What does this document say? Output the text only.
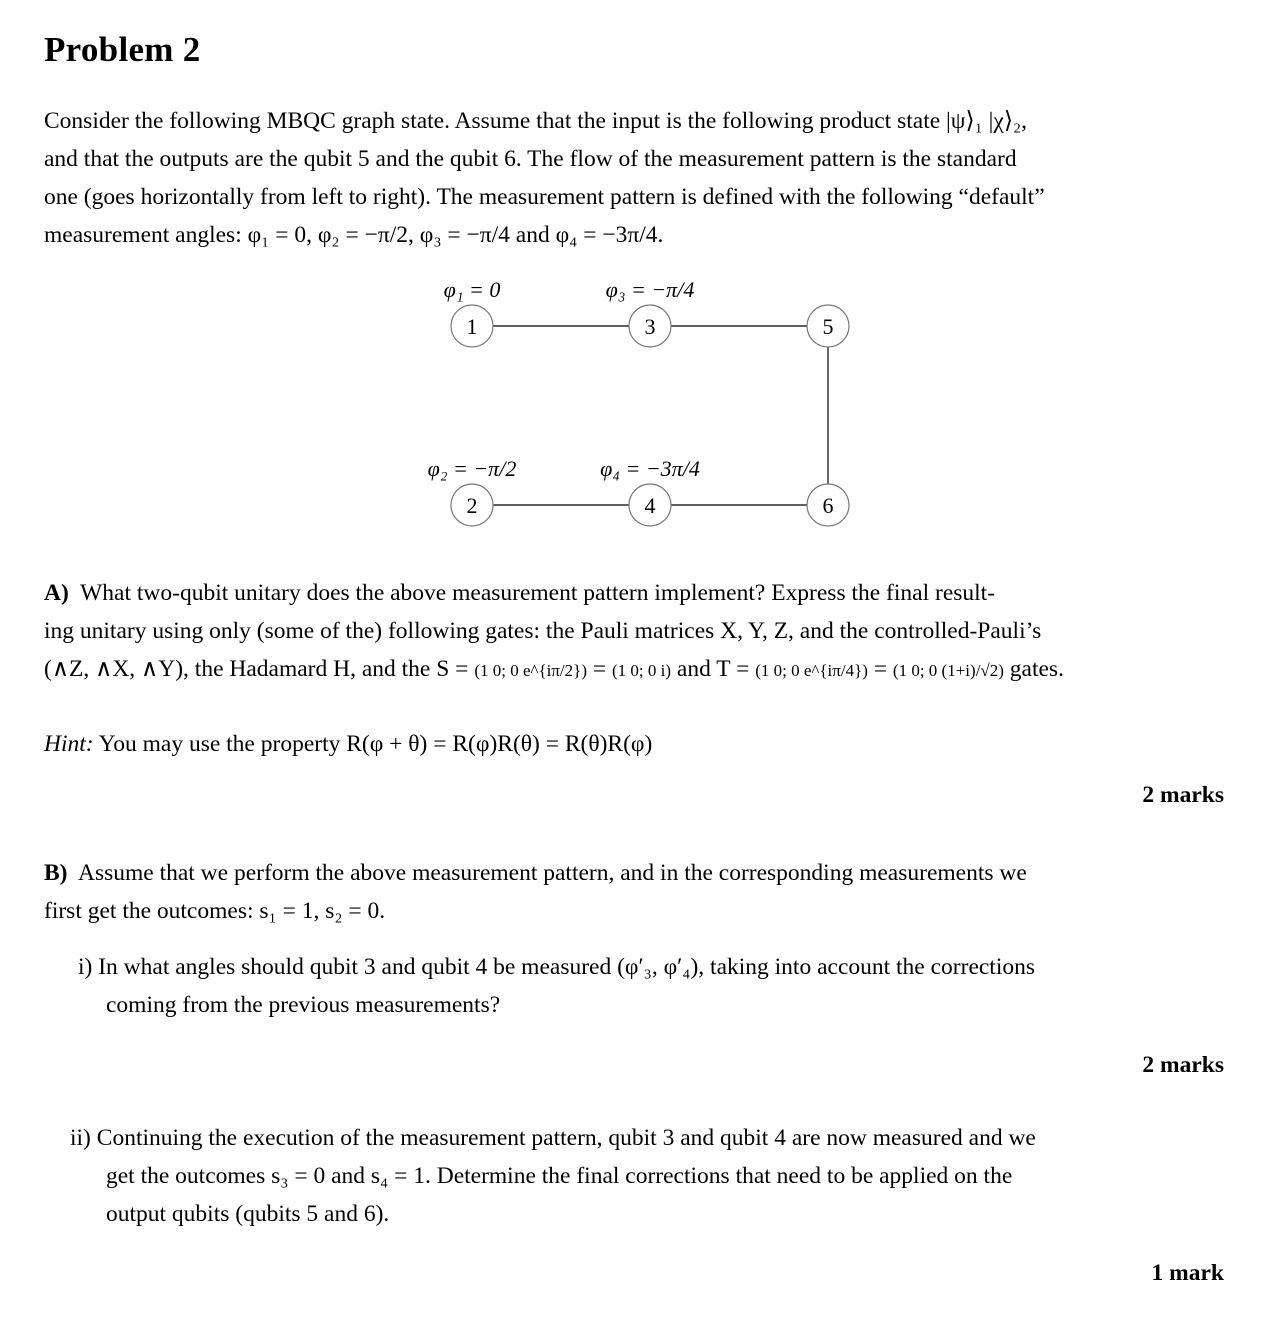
Problem 2
Consider the following MBQC graph state. Assume that the input is the following product state |ψ⟩₁ |χ⟩₂,
and that the outputs are the qubit 5 and the qubit 6. The flow of the measurement pattern is the standard
one (goes horizontally from left to right). The measurement pattern is defined with the following “default”
measurement angles: φ₁ = 0, φ₂ = −π/2, φ₃ = −π/4 and φ₄ = −3π/4.
1	3	5
2	4	6
φ₁ = 0	φ₃ = −π/4
φ₂ = −π/2	φ₄ = −3π/4
A) What two-qubit unitary does the above measurement pattern implement? Express the final result-
ing unitary using only (some of the) following gates: the Pauli matrices X, Y, Z, and the controlled-Pauli’s
(∧Z, ∧X, ∧Y), the Hadamard H, and the S = (1 0; 0 e^{iπ/2}) = (1 0; 0 i) and T = (1 0; 0 e^{iπ/4}) = (1 0; 0 (1+i)/√2) gates.
Hint: You may use the property R(φ + θ) = R(φ)R(θ) = R(θ)R(φ)
2 marks
B) Assume that we perform the above measurement pattern, and in the corresponding measurements we
first get the outcomes: s₁ = 1, s₂ = 0.
i) In what angles should qubit 3 and qubit 4 be measured (φ′₃, φ′₄), taking into account the corrections
coming from the previous measurements?
2 marks
ii) Continuing the execution of the measurement pattern, qubit 3 and qubit 4 are now measured and we
get the outcomes s₃ = 0 and s₄ = 1. Determine the final corrections that need to be applied on the
output qubits (qubits 5 and 6).
1 mark
